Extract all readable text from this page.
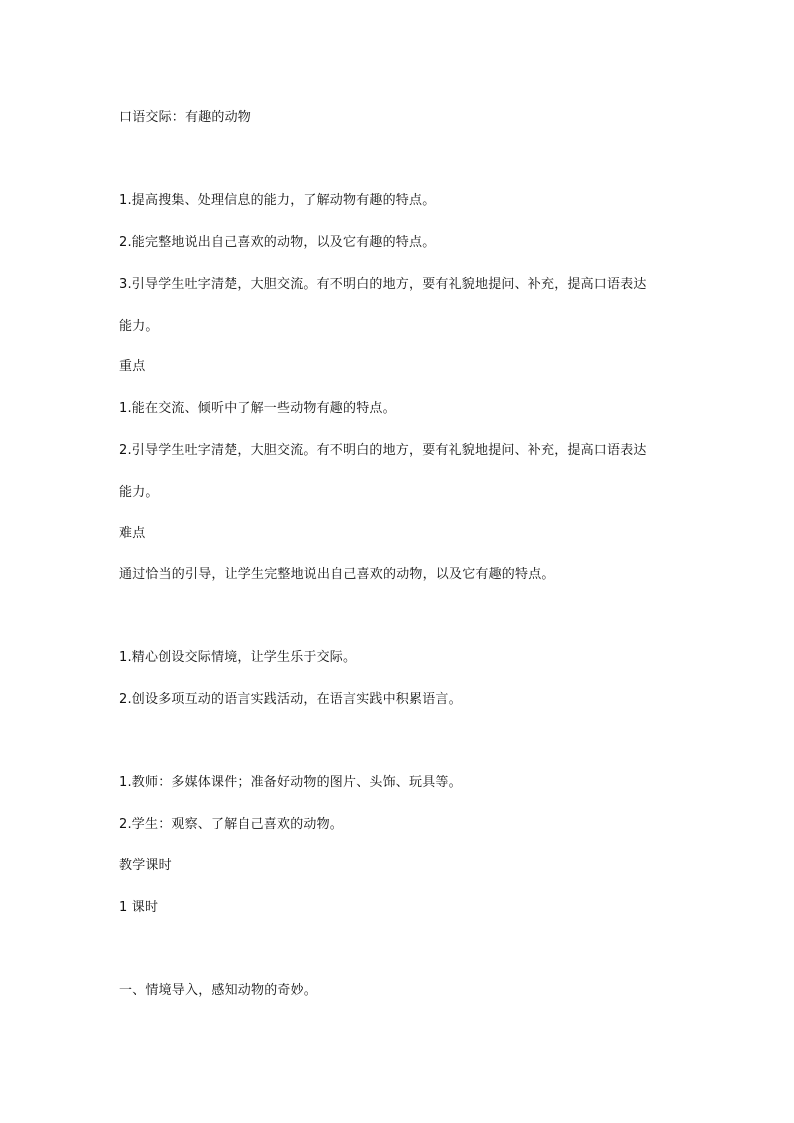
口语交际：有趣的动物
1.提高搜集、处理信息的能力，了解动物有趣的特点。
2.能完整地说出自己喜欢的动物，以及它有趣的特点。
3.引导学生吐字清楚，大胆交流。有不明白的地方，要有礼貌地提问、补充，提高口语表达
能力。
重点
1.能在交流、倾听中了解一些动物有趣的特点。
2.引导学生吐字清楚，大胆交流。有不明白的地方，要有礼貌地提问、补充，提高口语表达
能力。
难点
通过恰当的引导，让学生完整地说出自己喜欢的动物，以及它有趣的特点。
1.精心创设交际情境，让学生乐于交际。
2.创设多项互动的语言实践活动，在语言实践中积累语言。
1.教师：多媒体课件；准备好动物的图片、头饰、玩具等。
2.学生：观察、了解自己喜欢的动物。
教学课时
1 课时
一、情境导入，感知动物的奇妙。
